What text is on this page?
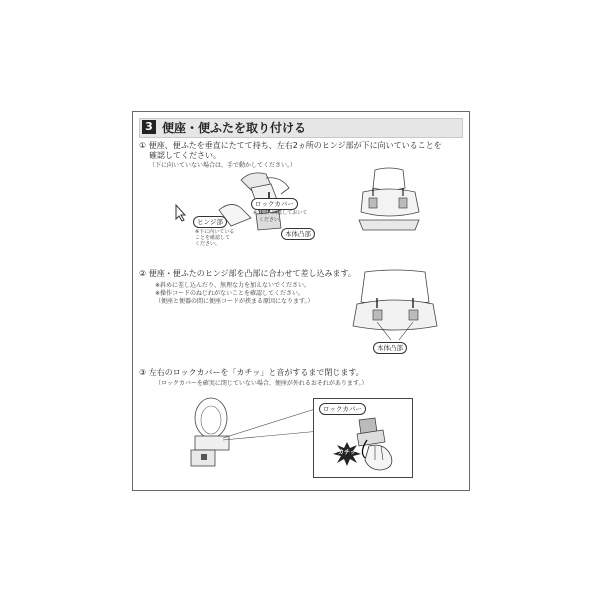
3 便座・便ふたを取り付ける
① 便座、便ふたを垂直にたてて持ち、左右2ヵ所のヒンジ部が下に向いていることを
確認してください。
（下に向いていない場合は、手で動かしてください。）
ロックカバー
※矢印へ回転しておいて
ください。
ヒンジ部
※下に向いている
ことを確認して
ください。
本体凸部
② 便座・便ふたのヒンジ部を凸部に合わせて差し込みます。
※斜めに差し込んだり、無理な力を加えないでください。
※操作コードのねじれがないことを確認してください。
（便座と便器の間に便座コードが挟まる原因になります。）
本体凸部
③ 左右のロックカバーを「カチッ」と音がするまで閉じます。
（ロックカバーを確実に閉じていない場合、便座が外れるおそれがあります。）
ロックカバー
カチッ
